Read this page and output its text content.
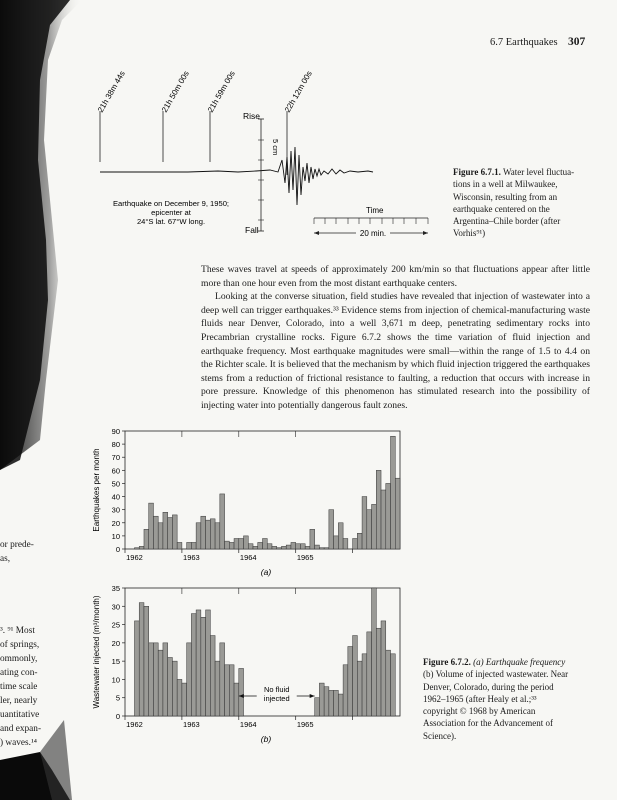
or prede-
as,
³. ⁹¹ Most
of springs,
ommonly,
ating con-
time scale
ler, nearly
uantitative
and expan-
) waves.¹⁴
6.7 Earthquakes 307
21h 38m 44s	21h 50m 00s 21h 59m 00s	22h 12m 00s
Rise
Fall
5 cm
Earthquake on December 9, 1950;
epicenter at
24°S lat. 67°W long.
Time
20 min.
Figure 6.7.1. Water level fluctua-
tions in a well at Milwaukee,
Wisconsin, resulting from an
earthquake centered on the
Argentina–Chile border (after
Vorhis⁹¹)

These waves travel at speeds of approximately 200 km/min so that fluctuations appear after little more than one hour even from the most distant earthquake centers.

Looking at the converse situation, field studies have revealed that injection of wastewater into a deep well can trigger earthquakes.³³ Evidence stems from injection of chemical-manufacturing waste fluids near Denver, Colorado, into a well 3,671 m deep, penetrating sedimentary rocks into Precambrian crystalline rocks. Figure 6.7.2 shows the time variation of fluid injection and earthquake frequency. Most earthquake magnitudes were small—within the range of 1.5 to 4.4 on the Richter scale. It is believed that the mechanism by which fluid injection triggered the earthquakes stems from a reduction of frictional resistance to faulting, a reduction that occurs with increase in pore pressure. Knowledge of this phenomenon has stimulated research into the possibility of injecting water into potentially dangerous fault zones.

Earthquakes per month
(a)
0
10
20
30
40
50
60
70
80
90
1962	1963	1964	1965
Wastewater injected (m³/month)
(b)
0
5
10
15
20
25
30
35
1962	1963	1964	1965
No fluid
injected
Figure 6.7.2. (a) Earthquake frequency
(b) Volume of injected wastewater. Near
Denver, Colorado, during the period
1962–1965 (after Healy et al.;³³
copyright © 1968 by American
Association for the Advancement of
Science).
